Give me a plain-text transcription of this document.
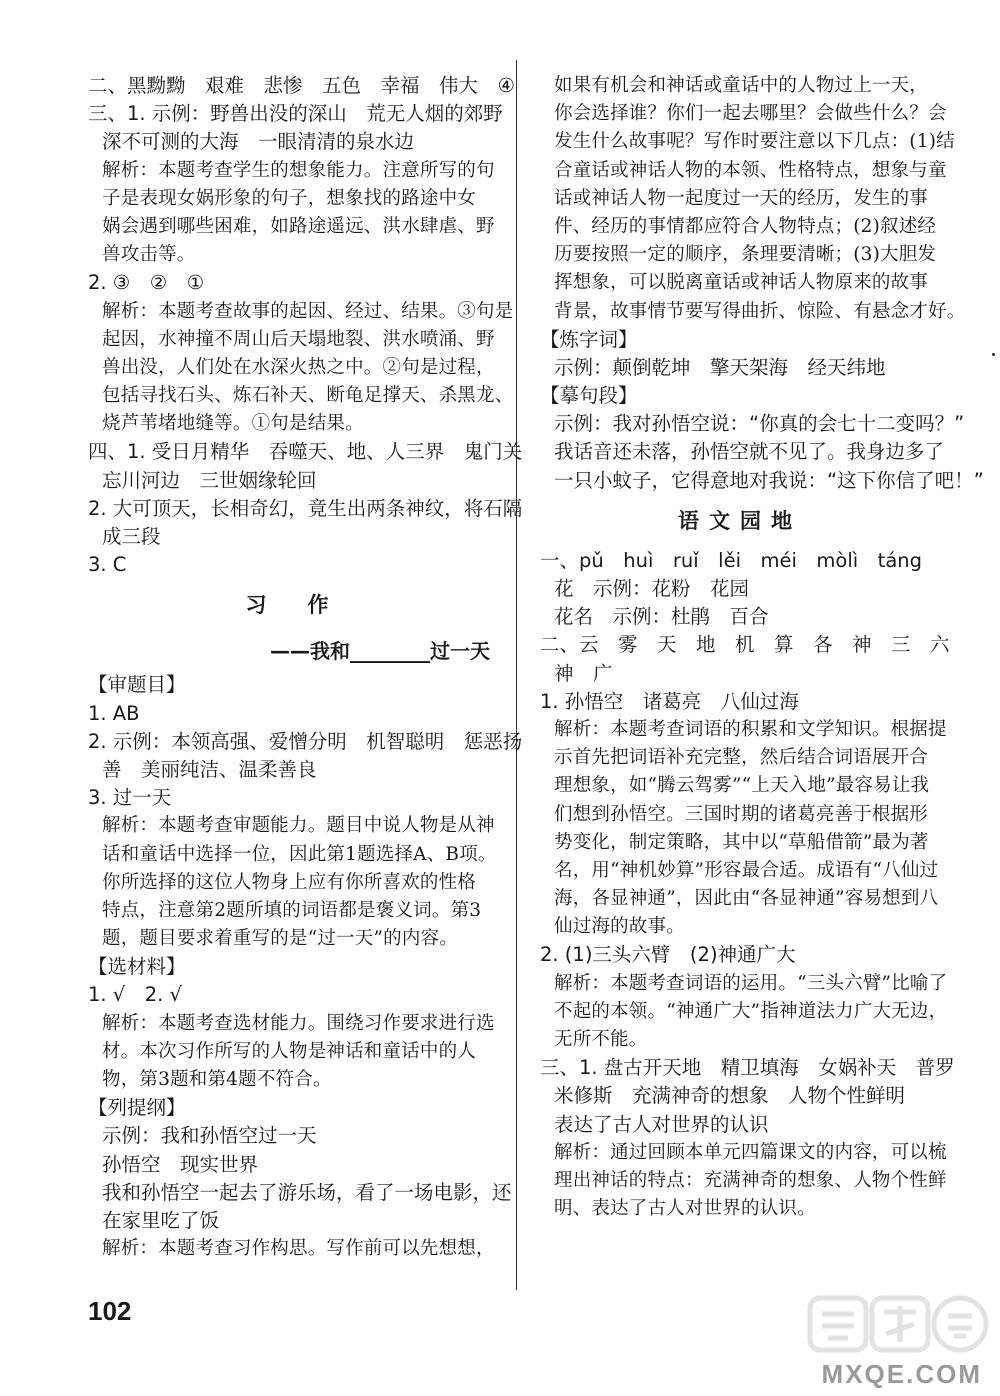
二、黑黝黝　艰难　悲惨　五色　幸福　伟大　④
三、1. 示例：野兽出没的深山　荒无人烟的郊野
深不可测的大海　一眼清清的泉水边
解析：本题考查学生的想象能力。注意所写的句
子是表现女娲形象的句子，想象找的路途中女
娲会遇到哪些困难，如路途遥远、洪水肆虐、野
兽攻击等。
2. ③　②　①
解析：本题考查故事的起因、经过、结果。③句是
起因，水神撞不周山后天塌地裂、洪水喷涌、野
兽出没，人们处在水深火热之中。②句是过程，
包括寻找石头、炼石补天、断龟足撑天、杀黑龙、
烧芦苇堵地缝等。①句是结果。
四、1. 受日月精华　吞噬天、地、人三界　鬼门关
忘川河边　三世姻缘轮回
2. 大可顶天，长相奇幻，竟生出两条神纹，将石隔
成三段
3. C
习　作
——我和________过一天
【审题目】
1. AB
2. 示例：本领高强、爱憎分明　机智聪明　惩恶扬
善　美丽纯洁、温柔善良
3. 过一天
解析：本题考查审题能力。题目中说人物是从神
话和童话中选择一位，因此第1题选择A、B项。
你所选择的这位人物身上应有你所喜欢的性格
特点，注意第2题所填的词语都是褒义词。第3
题，题目要求着重写的是“过一天”的内容。
【选材料】
1. √　2. √
解析：本题考查选材能力。围绕习作要求进行选
材。本次习作所写的人物是神话和童话中的人
物，第3题和第4题不符合。
【列提纲】
示例：我和孙悟空过一天
孙悟空　现实世界
我和孙悟空一起去了游乐场，看了一场电影，还
在家里吃了饭
解析：本题考查习作构思。写作前可以先想想，
如果有机会和神话或童话中的人物过上一天，
你会选择谁？你们一起去哪里？会做些什么？会
发生什么故事呢？写作时要注意以下几点：(1)结
合童话或神话人物的本领、性格特点，想象与童
话或神话人物一起度过一天的经历，发生的事
件、经历的事情都应符合人物特点；(2)叙述经
历要按照一定的顺序，条理要清晰；(3)大胆发
挥想象，可以脱离童话或神话人物原来的故事
背景，故事情节要写得曲折、惊险、有悬念才好。
【炼字词】
示例：颠倒乾坤　擎天架海　经天纬地
【摹句段】
示例：我对孙悟空说：“你真的会七十二变吗？”
我话音还未落，孙悟空就不见了。我身边多了
一只小蚊子，它得意地对我说：“这下你信了吧！”
语文园地
一、pǔ　huì　ruǐ　lěi　méi　mòlì　táng
花　示例：花粉　花园
花名　示例：杜鹃　百合
二、云　雾　天　地　机　算　各　神　三　六
神　广
1. 孙悟空　诸葛亮　八仙过海
解析：本题考查词语的积累和文学知识。根据提
示首先把词语补充完整，然后结合词语展开合
理想象，如“腾云驾雾”“上天入地”最容易让我
们想到孙悟空。三国时期的诸葛亮善于根据形
势变化，制定策略，其中以“草船借箭”最为著
名，用“神机妙算”形容最合适。成语有“八仙过
海，各显神通”，因此由“各显神通”容易想到八
仙过海的故事。
2. (1)三头六臂　(2)神通广大
解析：本题考查词语的运用。“三头六臂”比喻了
不起的本领。“神通广大”指神道法力广大无边，
无所不能。
三、1. 盘古开天地　精卫填海　女娲补天　普罗
米修斯　充满神奇的想象　人物个性鲜明
表达了古人对世界的认识
解析：通过回顾本单元四篇课文的内容，可以梳
理出神话的特点：充满神奇的想象、人物个性鲜
明、表达了古人对世界的认识。
102
MXQE.COM
